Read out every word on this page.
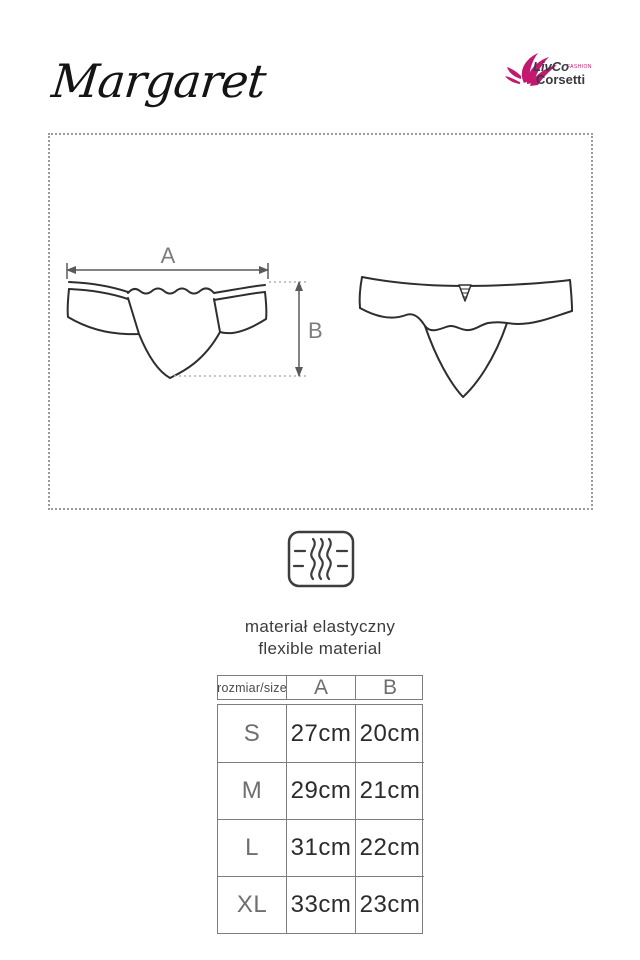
Margaret	LivCo
FASHION
Corsetti
A
B
materiał elastyczny
flexible material
rozmiar/size	A	B
S	27cm 20cm
M	29cm 21cm
L	31cm 22cm
XL 33cm 23cm
